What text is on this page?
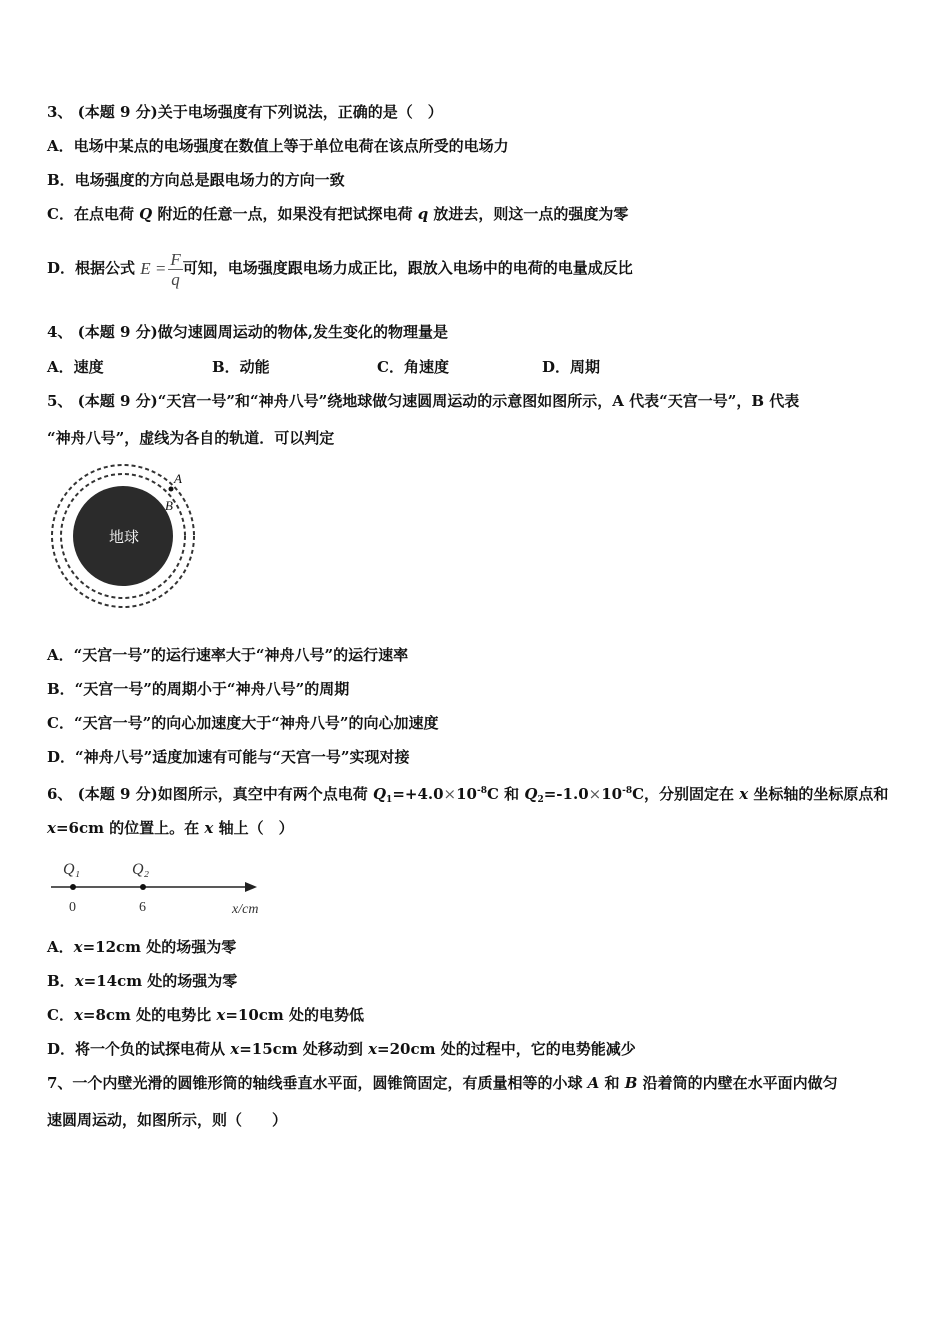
3、 (本题 9 分)关于电场强度有下列说法，正确的是（　）
A．电场中某点的电场强度在数值上等于单位电荷在该点所受的电场力
B．电场强度的方向总是跟电场力的方向一致
C．在点电荷 Q 附近的任意一点，如果没有把试探电荷 q 放进去，则这一点的强度为零
D．根据公式 $E = \frac{F}{q}$ 可知，电场强度跟电场力成正比，跟放入电场中的电荷的电量成反比
4、 (本题 9 分)做匀速圆周运动的物体,发生变化的物理量是
A．速度	B．动能	C．角速度	D．周期
5、 (本题 9 分)“天宫一号”和“神舟八号”绕地球做匀速圆周运动的示意图如图所示，A 代表“天宫一号”，B 代表
“神舟八号”，虚线为各自的轨道．可以判定
地球
A
B
A．“天宫一号”的运行速率大于“神舟八号”的运行速率
B．“天宫一号”的周期小于“神舟八号”的周期
C．“天宫一号”的向心加速度大于“神舟八号”的向心加速度
D．“神舟八号”适度加速有可能与“天宫一号”实现对接
6、 (本题 9 分)如图所示，真空中有两个点电荷 $Q_1=+4.0\times 10^{-8}C$ 和 $Q_2=-1.0\times 10^{-8}C$，分别固定在 x 坐标轴的坐标原点和
x=6cm 的位置上。在 x 轴上（　）
Q₁	Q₂
0	6	x/cm
A．x=12cm 处的场强为零
B．x=14cm 处的场强为零
C．x=8cm 处的电势比 x=10cm 处的电势低
D．将一个负的试探电荷从 x=15cm 处移动到 x=20cm 处的过程中，它的电势能减少
7、一个内壁光滑的圆锥形筒的轴线垂直水平面，圆锥筒固定，有质量相等的小球 A 和 B 沿着筒的内壁在水平面内做匀
速圆周运动，如图所示，则（　　）
